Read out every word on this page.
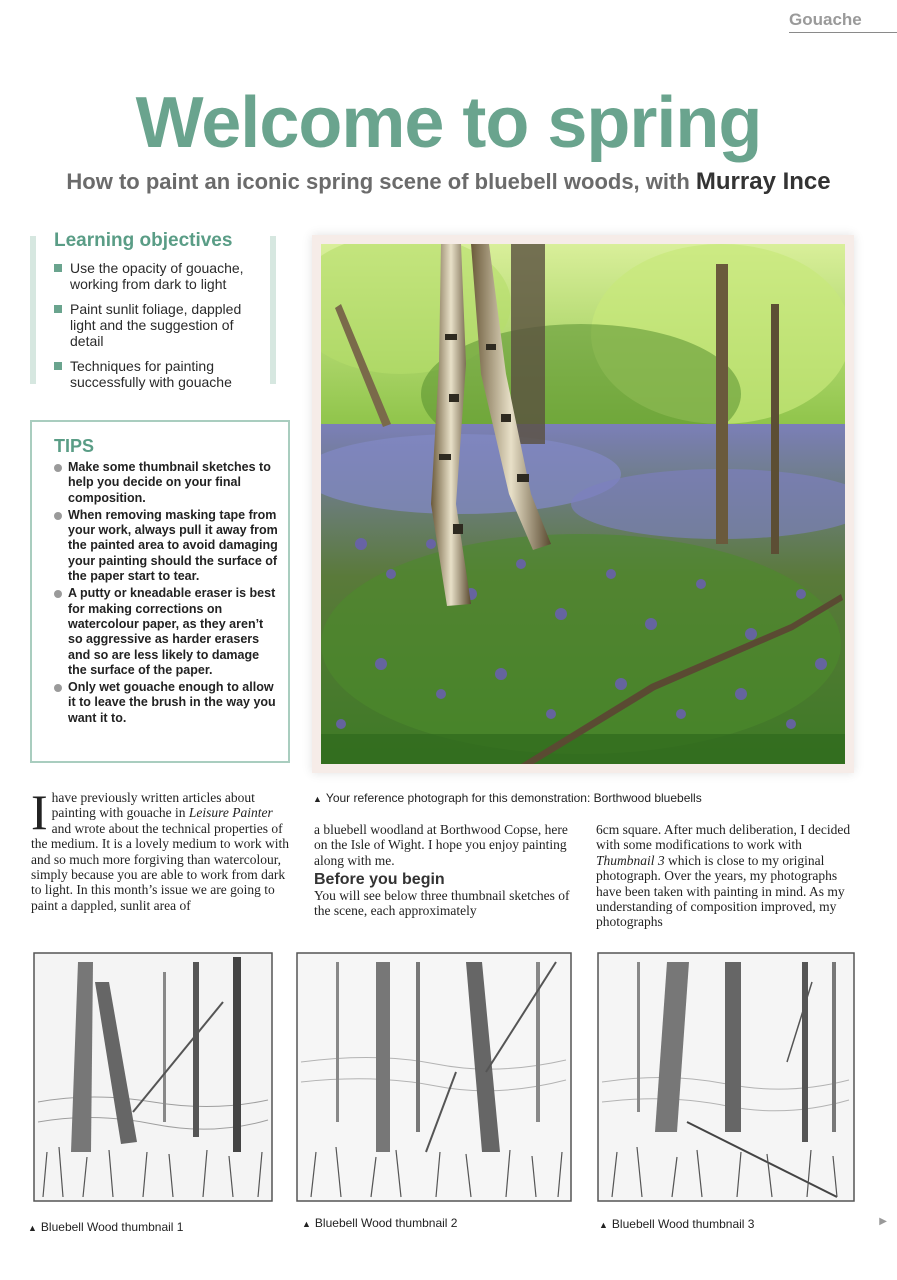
Gouache
Welcome to spring
How to paint an iconic spring scene of bluebell woods, with Murray Ince
Learning objectives
Use the opacity of gouache, working from dark to light
Paint sunlit foliage, dappled light and the suggestion of detail
Techniques for painting successfully with gouache
TIPS
Make some thumbnail sketches to help you decide on your final composition.
When removing masking tape from your work, always pull it away from the painted area to avoid damaging your painting should the surface of the paper start to tear.
A putty or kneadable eraser is best for making corrections on watercolour paper, as they aren’t so aggressive as harder erasers and so are less likely to damage the surface of the paper.
Only wet gouache enough to allow it to leave the brush in the way you want it to.
▲ Your reference photograph for this demonstration: Borthwood bluebells
Ihave previously written articles about painting with gouache in Leisure Painter and wrote about the technical properties of the medium. It is a lovely medium to work with and so much more forgiving than watercolour, simply because you are able to work from dark to light. In this month’s issue we are going to paint a dappled, sunlit area of
a bluebell woodland at Borthwood Copse, here on the Isle of Wight. I hope you enjoy painting along with me.
Before you begin
You will see below three thumbnail sketches of the scene, each approximately
6cm square. After much deliberation, I decided with some modifications to work with Thumbnail 3 which is close to my original photograph. Over the years, my photographs have been taken with painting in mind. As my understanding of composition improved, my photographs
▲ Bluebell Wood thumbnail 1	▲ Bluebell Wood thumbnail 2	▲ Bluebell Wood thumbnail 3	▶
